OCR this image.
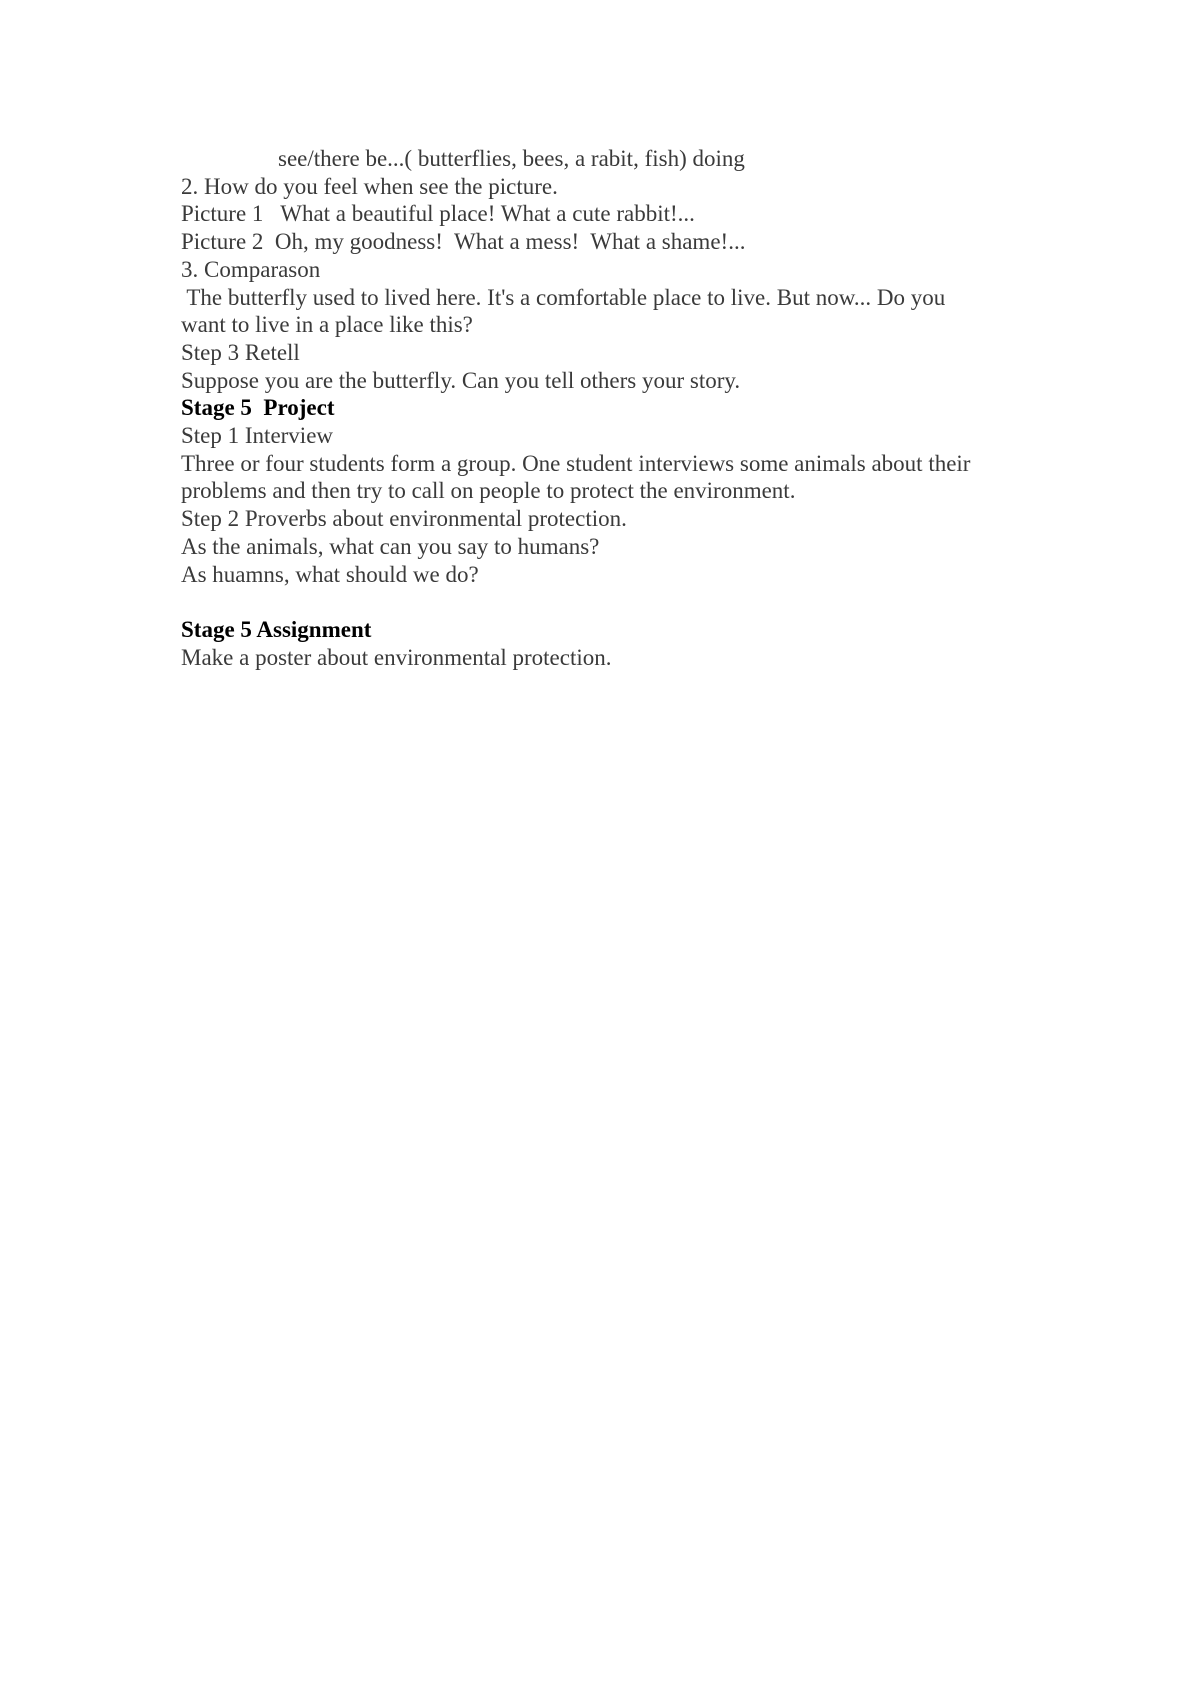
see/there be...( butterflies, bees, a rabit, fish) doing

2. How do you feel when see the picture.

Picture 1   What a beautiful place! What a cute rabbit!...

Picture 2  Oh, my goodness!  What a mess!  What a shame!...

3. Comparason

The butterfly used to lived here. It's a comfortable place to live. But now... Do you

want to live in a place like this?

Step 3 Retell

Suppose you are the butterfly. Can you tell others your story.

Stage 5  Project

Step 1 Interview

Three or four students form a group. One student interviews some animals about their

problems and then try to call on people to protect the environment.

Step 2 Proverbs about environmental protection.

As the animals, what can you say to humans?

As huamns, what should we do?

Stage 5 Assignment

Make a poster about environmental protection.
